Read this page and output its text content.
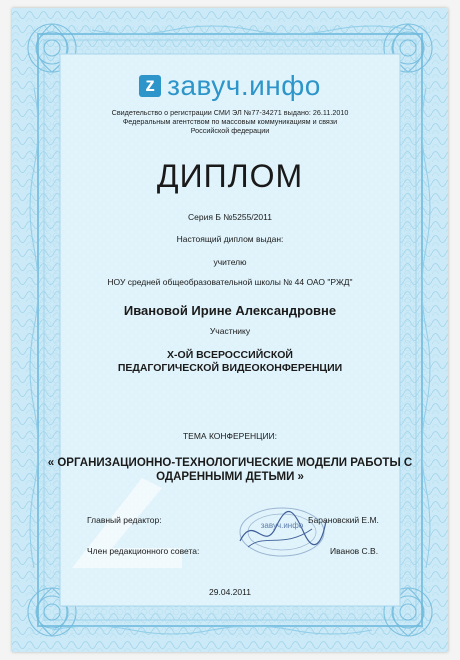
z завуч.инфо
Свидетельство о регистрации СМИ ЭЛ №77-34271 выдано: 26.11.2010
Федеральным агентством по массовым коммуникациям и связи
Российской федерации
ДИПЛОМ
Серия Б №5255/2011
Настоящий диплом выдан:
учителю
НОУ средней общеобразовательной школы № 44 ОАО "РЖД"
Ивановой Ирине Александровне
Участнику
Х-ОЙ ВСЕРОССИЙСКОЙ
ПЕДАГОГИЧЕСКОЙ ВИДЕОКОНФЕРЕНЦИИ
ТЕМА КОНФЕРЕНЦИИ:
« ОРГАНИЗАЦИОННО-ТЕХНОЛОГИЧЕСКИЕ МОДЕЛИ РАБОТЫ С
ОДАРЕННЫМИ ДЕТЬМИ »
Главный редактор:	Барановский Е.М.
Член редакционного совета:	Иванов С.В.
завуч.инфо
29.04.2011
